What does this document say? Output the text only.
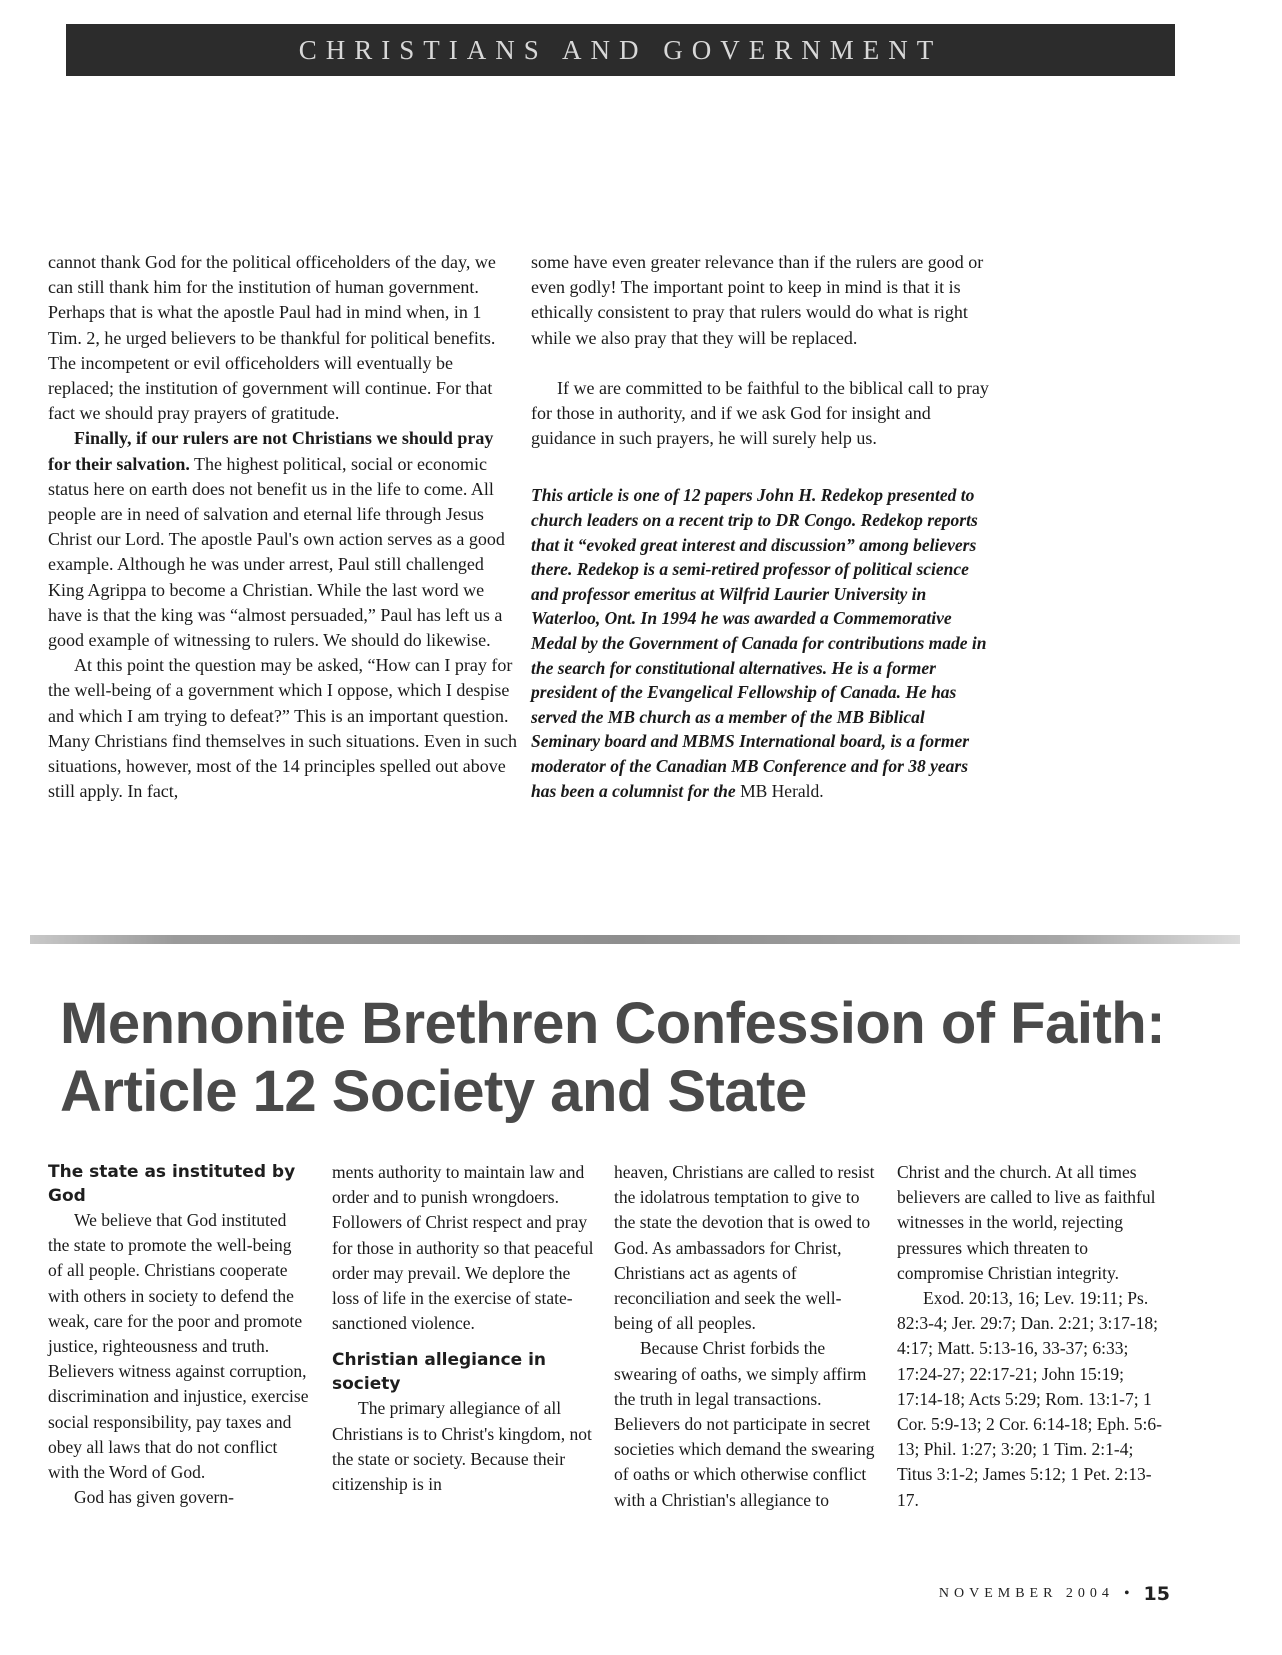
CHRISTIANS AND GOVERNMENT

cannot thank God for the political officeholders of the day, we can still thank him for the institution of human government. Perhaps that is what the apostle Paul had in mind when, in 1 Tim. 2, he urged believers to be thankful for political benefits. The incompetent or evil officeholders will eventually be replaced; the institution of government will continue. For that fact we should pray prayers of gratitude.

Finally, if our rulers are not Christians we should pray for their salvation. The highest political, social or economic status here on earth does not benefit us in the life to come. All people are in need of salvation and eternal life through Jesus Christ our Lord. The apostle Paul's own action serves as a good example. Although he was under arrest, Paul still challenged King Agrippa to become a Christian. While the last word we have is that the king was “almost persuaded,” Paul has left us a good example of witnessing to rulers. We should do likewise.

At this point the question may be asked, “How can I pray for the well-being of a government which I oppose, which I despise and which I am trying to defeat?” This is an important question. Many Christians find themselves in such situations. Even in such situations, however, most of the 14 principles spelled out above still apply. In fact,

some have even greater relevance than if the rulers are good or even godly! The important point to keep in mind is that it is ethically consistent to pray that rulers would do what is right while we also pray that they will be replaced.

If we are committed to be faithful to the biblical call to pray for those in authority, and if we ask God for insight and guidance in such prayers, he will surely help us.

This article is one of 12 papers John H. Redekop presented to church leaders on a recent trip to DR Congo. Redekop reports that it “evoked great interest and discussion” among believers there. Redekop is a semi-retired professor of political science and professor emeritus at Wilfrid Laurier University in Waterloo, Ont. In 1994 he was awarded a Commemorative Medal by the Government of Canada for contributions made in the search for constitutional alternatives. He is a former president of the Evangelical Fellowship of Canada. He has served the MB church as a member of the MB Biblical Seminary board and MBMS International board, is a former moderator of the Canadian MB Conference and for 38 years has been a columnist for the MB Herald.

Mennonite Brethren Confession of Faith:
Article 12 Society and State
The state as instituted by God

We believe that God instituted the state to promote the well-being of all people. Christians cooperate with others in society to defend the weak, care for the poor and promote justice, righteousness and truth. Believers witness against corruption, discrimination and injustice, exercise social responsibility, pay taxes and obey all laws that do not conflict with the Word of God.

God has given govern-

ments authority to maintain law and order and to punish wrongdoers. Followers of Christ respect and pray for those in authority so that peaceful order may prevail. We deplore the loss of life in the exercise of state-sanctioned violence.

Christian allegiance in society

The primary allegiance of all Christians is to Christ's kingdom, not the state or society. Because their citizenship is in

heaven, Christians are called to resist the idolatrous temptation to give to the state the devotion that is owed to God. As ambassadors for Christ, Christians act as agents of reconciliation and seek the well-being of all peoples.

Because Christ forbids the swearing of oaths, we simply affirm the truth in legal transactions. Believers do not participate in secret societies which demand the swearing of oaths or which otherwise conflict with a Christian's allegiance to

Christ and the church. At all times believers are called to live as faithful witnesses in the world, rejecting pressures which threaten to compromise Christian integrity.

Exod. 20:13, 16; Lev. 19:11; Ps. 82:3-4; Jer. 29:7; Dan. 2:21; 3:17-18; 4:17; Matt. 5:13-16, 33-37; 6:33; 17:24-27; 22:17-21; John 15:19; 17:14-18; Acts 5:29; Rom. 13:1-7; 1 Cor. 5:9-13; 2 Cor. 6:14-18; Eph. 5:6-13; Phil. 1:27; 3:20; 1 Tim. 2:1-4; Titus 3:1-2; James 5:12; 1 Pet. 2:13-17.

NOVEMBER 2004 • 15
